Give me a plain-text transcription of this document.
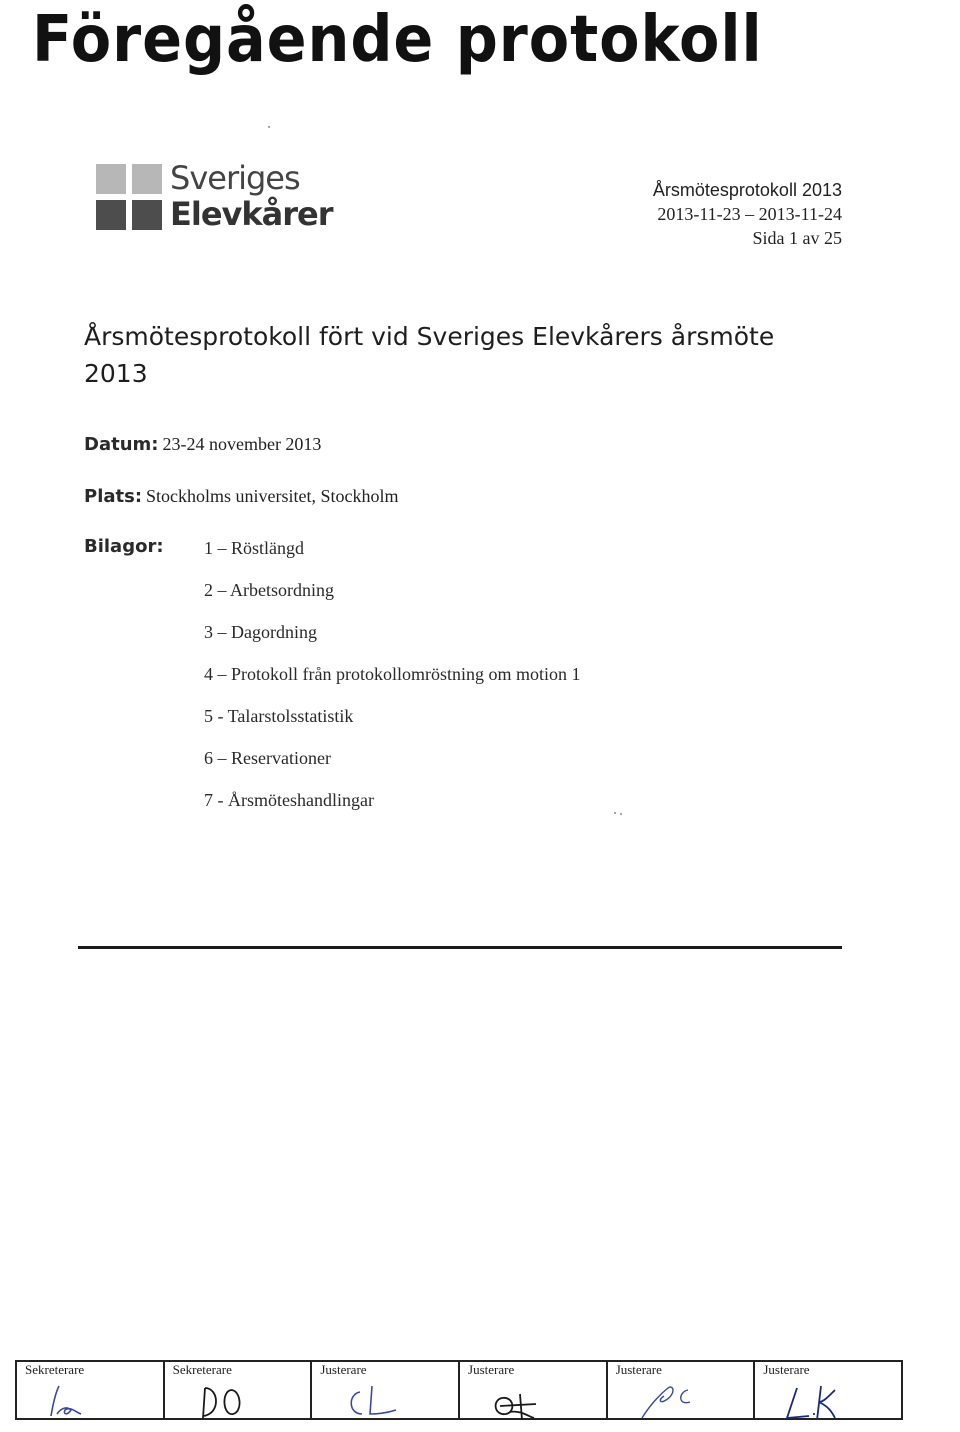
Föregående protokoll
Sveriges
Elevkårer
Årsmötesprotokoll 2013
2013-11-23 – 2013-11-24
Sida 1 av 25
Årsmötesprotokoll fört vid Sveriges Elevkårers årsmöte 2013
Datum: 23-24 november 2013
Plats: Stockholms universitet, Stockholm
Bilagor: 1 – Röstlängd
2 – Arbetsordning
3 – Dagordning
4 – Protokoll från protokollomröstning om motion 1
5 - Talarstolsstatistik
6 – Reservationer
7 - Årsmöteshandlingar
Sekreterare	Sekreterare	Justerare	Justerare	Justerare	Justerare
